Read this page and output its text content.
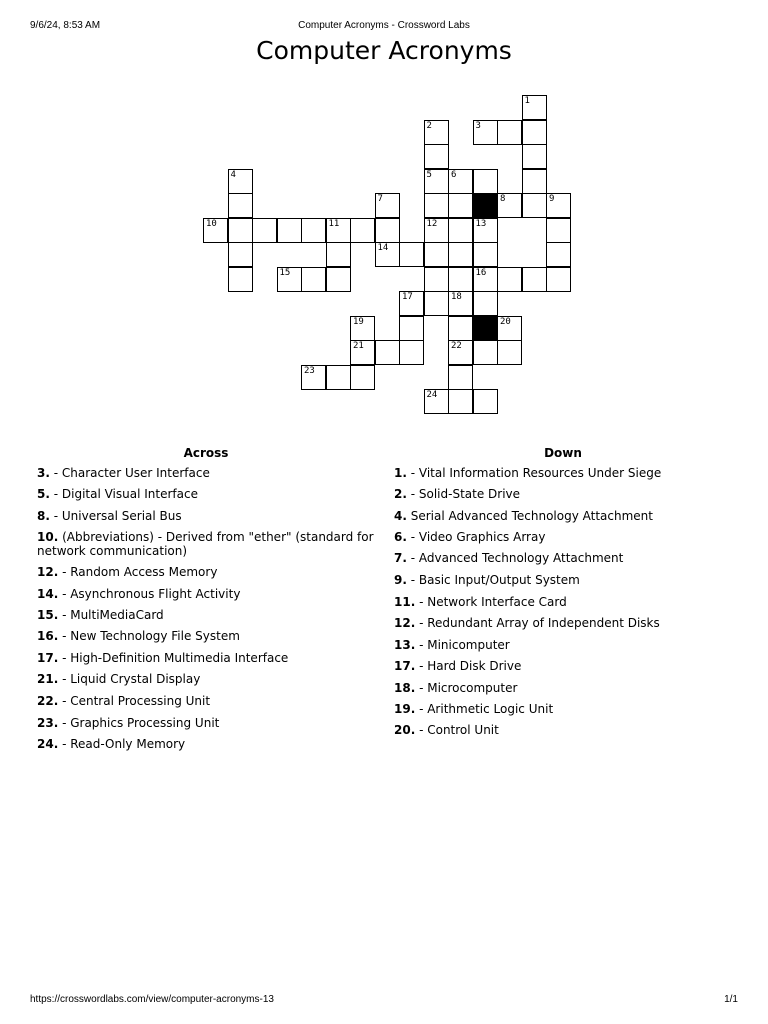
9/6/24, 8:53 AM	Computer Acronyms - Crossword Labs
Computer Acronyms
1
2	3
4	5 6
7	8	9
10	11	12	13
14
15	16
17	18
19	20
21	22
23
24
Across	Down
3. - Character User Interface
5. - Digital Visual Interface
8. - Universal Serial Bus
10. (Abbreviations) - Derived from "ether" (standard for network communication)
12. - Random Access Memory
14. - Asynchronous Flight Activity
15. - MultiMediaCard
16. - New Technology File System
17. - High-Definition Multimedia Interface
21. - Liquid Crystal Display
22. - Central Processing Unit
23. - Graphics Processing Unit
24. - Read-Only Memory
1. - Vital Information Resources Under Siege
2. - Solid-State Drive
4. Serial Advanced Technology Attachment
6. - Video Graphics Array
7. - Advanced Technology Attachment
9. - Basic Input/Output System
11. - Network Interface Card
12. - Redundant Array of Independent Disks
13. - Minicomputer
17. - Hard Disk Drive
18. - Microcomputer
19. - Arithmetic Logic Unit
20. - Control Unit
https://crosswordlabs.com/view/computer-acronyms-13	1/1
